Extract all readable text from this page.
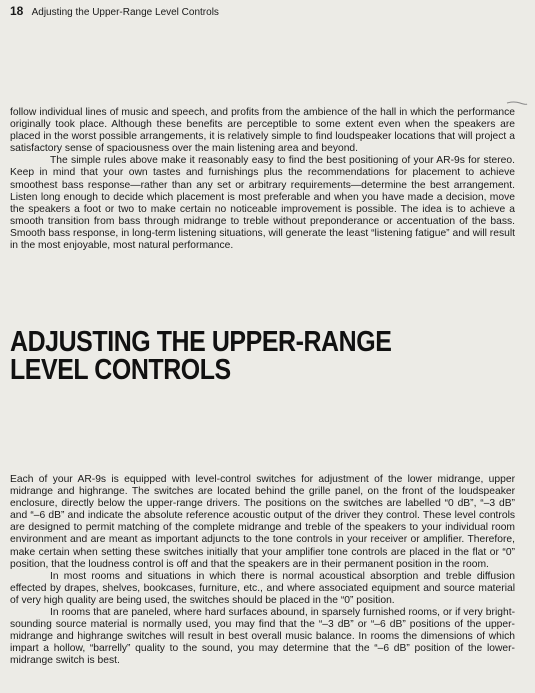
18 Adjusting the Upper-Range Level Controls

follow individual lines of music and speech, and profits from the ambience of the hall in which the performance originally took place. Although these benefits are perceptible to some extent even when the speakers are placed in the worst possible arrangements, it is relatively simple to find loudspeaker locations that will project a satisfactory sense of spaciousness over the main listening area and beyond.

The simple rules above make it reasonably easy to find the best positioning of your AR-9s for stereo. Keep in mind that your own tastes and furnishings plus the recommendations for placement to achieve smoothest bass response—rather than any set or arbitrary requirements—determine the best arrangement. Listen long enough to decide which placement is most preferable and when you have made a decision, move the speakers a foot or two to make certain no noticeable improvement is possible. The idea is to achieve a smooth transition from bass through midrange to treble without preponderance or accentuation of the bass. Smooth bass response, in long-term listening situations, will generate the least “listening fatigue” and will result in the most enjoyable, most natural performance.

ADJUSTING THE UPPER-RANGE
LEVEL CONTROLS

Each of your AR-9s is equipped with level-control switches for adjustment of the lower midrange, upper midrange and highrange. The switches are located behind the grille panel, on the front of the loudspeaker enclosure, directly below the upper-range drivers. The positions on the switches are labelled “0 dB”, “–3 dB” and “–6 dB” and indicate the absolute reference acoustic output of the driver they control. These level controls are designed to permit matching of the complete midrange and treble of the speakers to your individual room environment and are meant as important adjuncts to the tone controls in your receiver or amplifier. Therefore, make certain when setting these switches initially that your amplifier tone controls are placed in the flat or “0” position, that the loudness control is off and that the speakers are in their permanent position in the room.

In most rooms and situations in which there is normal acoustical absorption and treble diffusion effected by drapes, shelves, bookcases, furniture, etc., and where associated equipment and source material of very high quality are being used, the switches should be placed in the “0” position.

In rooms that are paneled, where hard surfaces abound, in sparsely furnished rooms, or if very bright-sounding source material is normally used, you may find that the “–3 dB” or “–6 dB” positions of the upper-midrange and highrange switches will result in best overall music balance. In rooms the dimensions of which impart a hollow, “barrelly” quality to the sound, you may determine that the “–6 dB” position of the lower-midrange switch is best.
